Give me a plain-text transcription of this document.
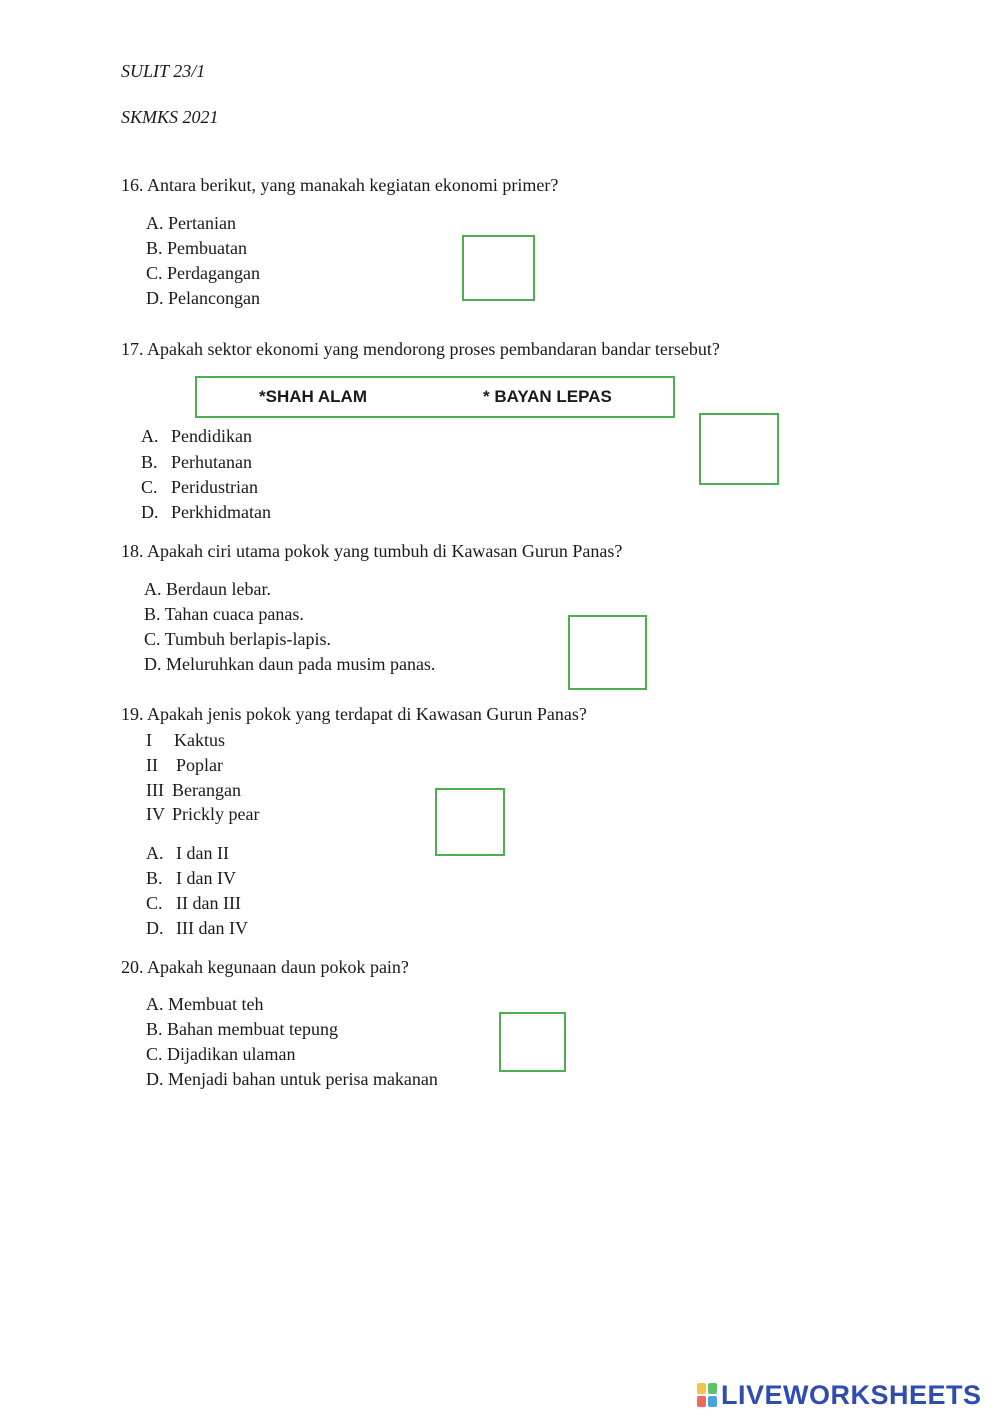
SULIT 23/1
SKMKS 2021
16. Antara berikut, yang manakah kegiatan ekonomi primer?
A. Pertanian
B. Pembuatan
C. Perdagangan
D. Pelancongan
17. Apakah sektor ekonomi yang mendorong proses pembandaran bandar tersebut?
*SHAH ALAM	* BAYAN LEPAS
A. Pendidikan
B. Perhutanan
C. Peridustrian
D. Perkhidmatan
18. Apakah ciri utama pokok yang tumbuh di Kawasan Gurun Panas?
A. Berdaun lebar.
B. Tahan cuaca panas.
C. Tumbuh berlapis-lapis.
D. Meluruhkan daun pada musim panas.
19. Apakah jenis pokok yang terdapat di Kawasan Gurun Panas?
I Kaktus
II Poplar
III Berangan
IV Prickly pear
A. I dan II
B. I dan IV
C. II dan III
D. III dan IV
20. Apakah kegunaan daun pokok pain?
A. Membuat teh
B. Bahan membuat tepung
C. Dijadikan ulaman
D. Menjadi bahan untuk perisa makanan
LIVEWORKSHEETS
